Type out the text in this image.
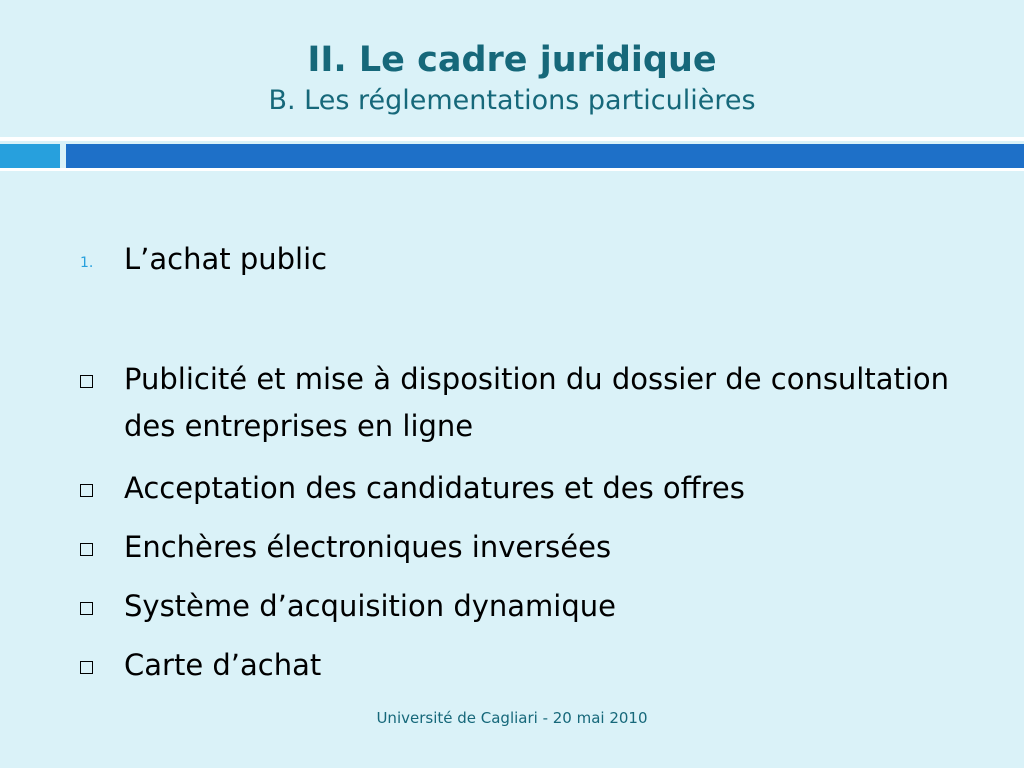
II. Le cadre juridique
B. Les réglementations particulières
1. L’achat public
Publicité et mise à disposition du dossier de consultation des entreprises en ligne
Acceptation des candidatures et des offres
Enchères électroniques inversées
Système d’acquisition dynamique
Carte d’achat
Université de Cagliari - 20 mai 2010
